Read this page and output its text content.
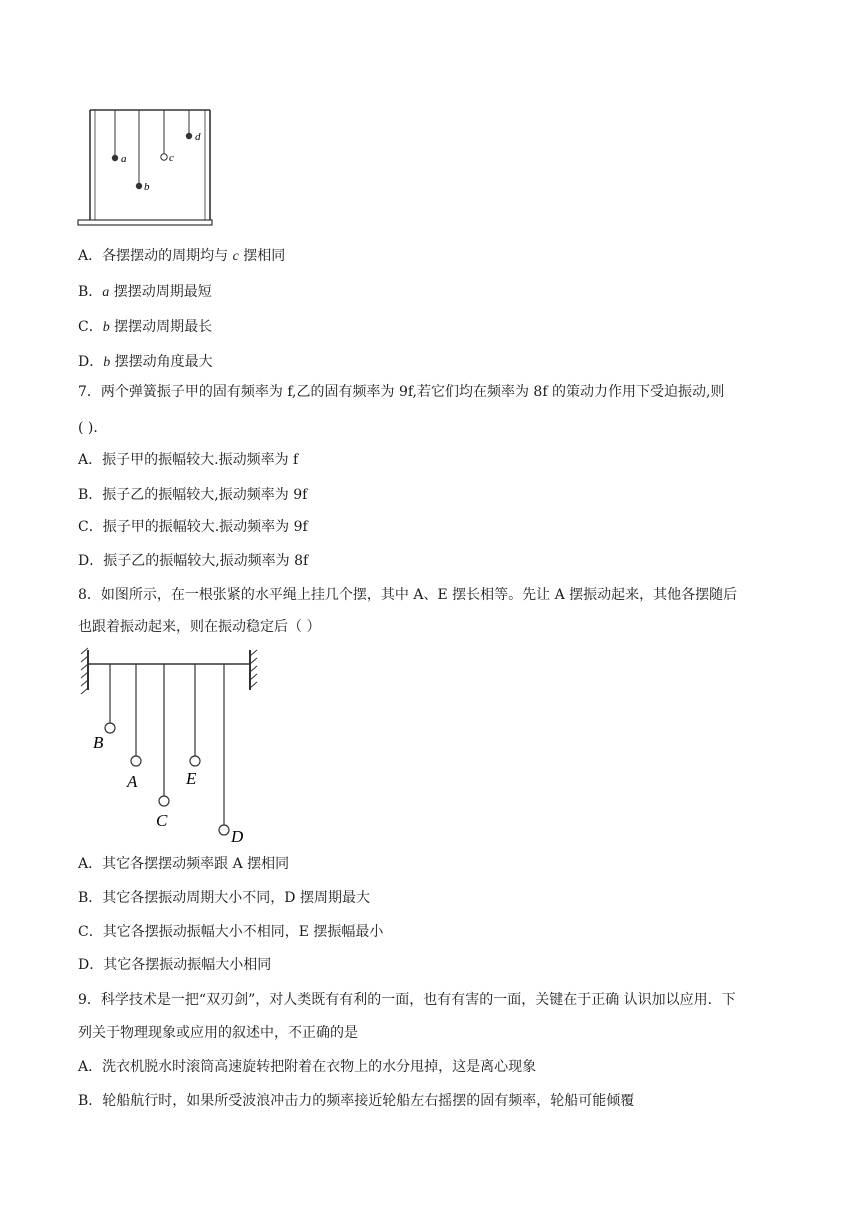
a
b
c
d
A．各摆摆动的周期均与 c 摆相同
B．a 摆摆动周期最短
C．b 摆摆动周期最长
D．b 摆摆动角度最大
7．两个弹簧振子甲的固有频率为 f,乙的固有频率为 9f,若它们均在频率为 8f 的策动力作用下受迫振动,则
( ).
A．振子甲的振幅较大.振动频率为 f
B．振子乙的振幅较大,振动频率为 9f
C．振子甲的振幅较大.振动频率为 9f
D．振子乙的振幅较大,振动频率为 8f
8．如图所示，在一根张紧的水平绳上挂几个摆，其中 A、E 摆长相等。先让 A 摆振动起来，其他各摆随后
也跟着振动起来，则在振动稳定后（ ）
B
A
C
E
D
A．其它各摆摆动频率跟 A 摆相同
B．其它各摆振动周期大小不同，D 摆周期最大
C．其它各摆振动振幅大小不相同，E 摆振幅最小
D．其它各摆振动振幅大小相同
9．科学技术是一把“双刃剑”，对人类既有有利的一面，也有有害的一面，关键在于正确 认识加以应用．下
列关于物理现象或应用的叙述中，不正确的是
A．洗衣机脱水时滚筒高速旋转把附着在衣物上的水分甩掉，这是离心现象
B．轮船航行时，如果所受波浪冲击力的频率接近轮船左右摇摆的固有频率，轮船可能倾覆
